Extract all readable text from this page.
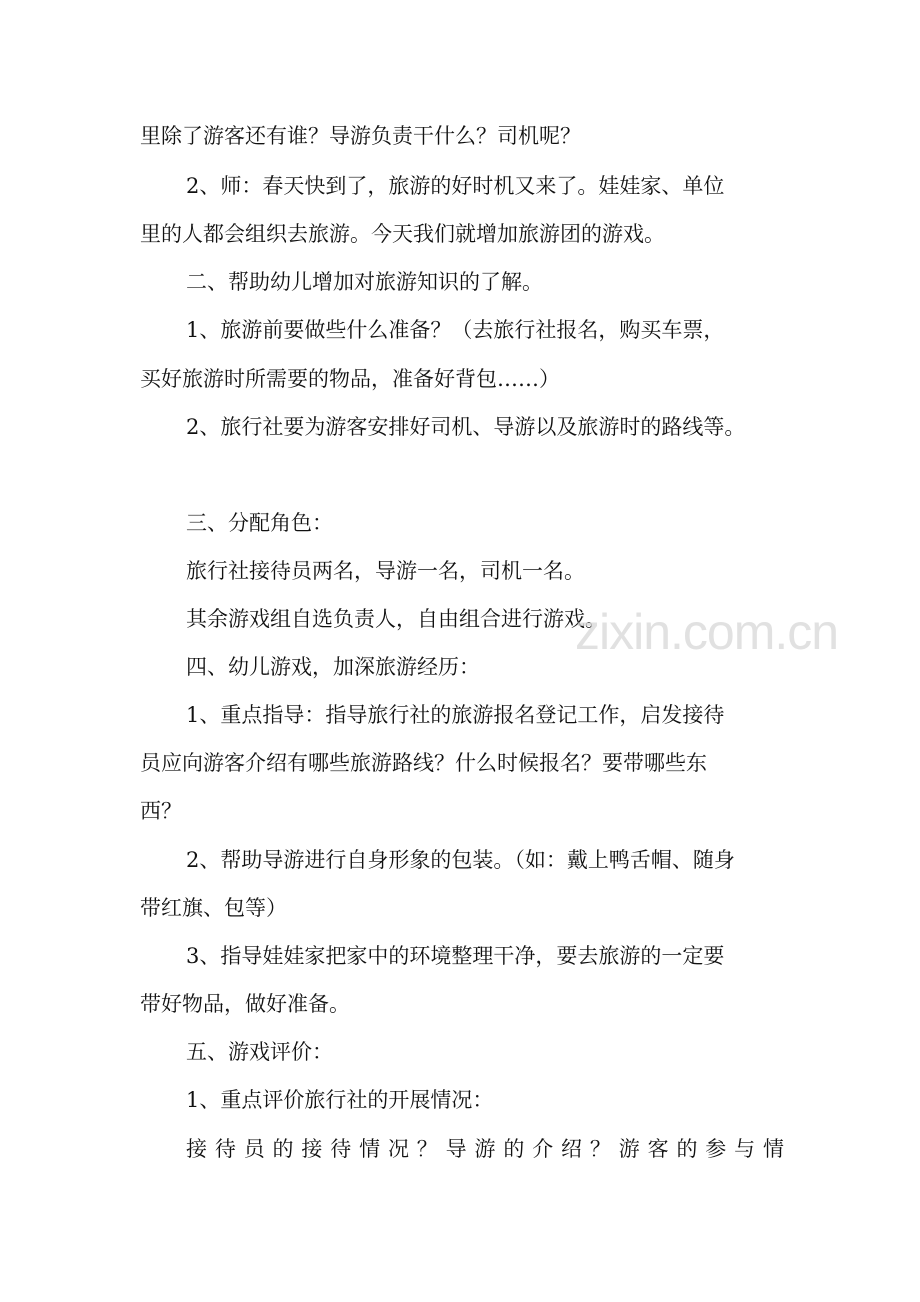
里除了游客还有谁？导游负责干什么？司机呢？
2、师：春天快到了，旅游的好时机又来了。娃娃家、单位
里的人都会组织去旅游。今天我们就增加旅游团的游戏。
二、帮助幼儿增加对旅游知识的了解。
1、旅游前要做些什么准备？（去旅行社报名，购买车票，
买好旅游时所需要的物品，准备好背包……）
2、旅行社要为游客安排好司机、导游以及旅游时的路线等。
三、分配角色：
旅行社接待员两名，导游一名，司机一名。
其余游戏组自选负责人，自由组合进行游戏。
四、幼儿游戏，加深旅游经历：
1、重点指导：指导旅行社的旅游报名登记工作，启发接待
员应向游客介绍有哪些旅游路线？什么时候报名？要带哪些东
西？
2、帮助导游进行自身形象的包装。（如：戴上鸭舌帽、随身
带红旗、包等）
3、指导娃娃家把家中的环境整理干净，要去旅游的一定要
带好物品，做好准备。
五、游戏评价：
1、重点评价旅行社的开展情况：
接待员的接待情况？导游的介绍？游客的参与情
zixin.com.cn
